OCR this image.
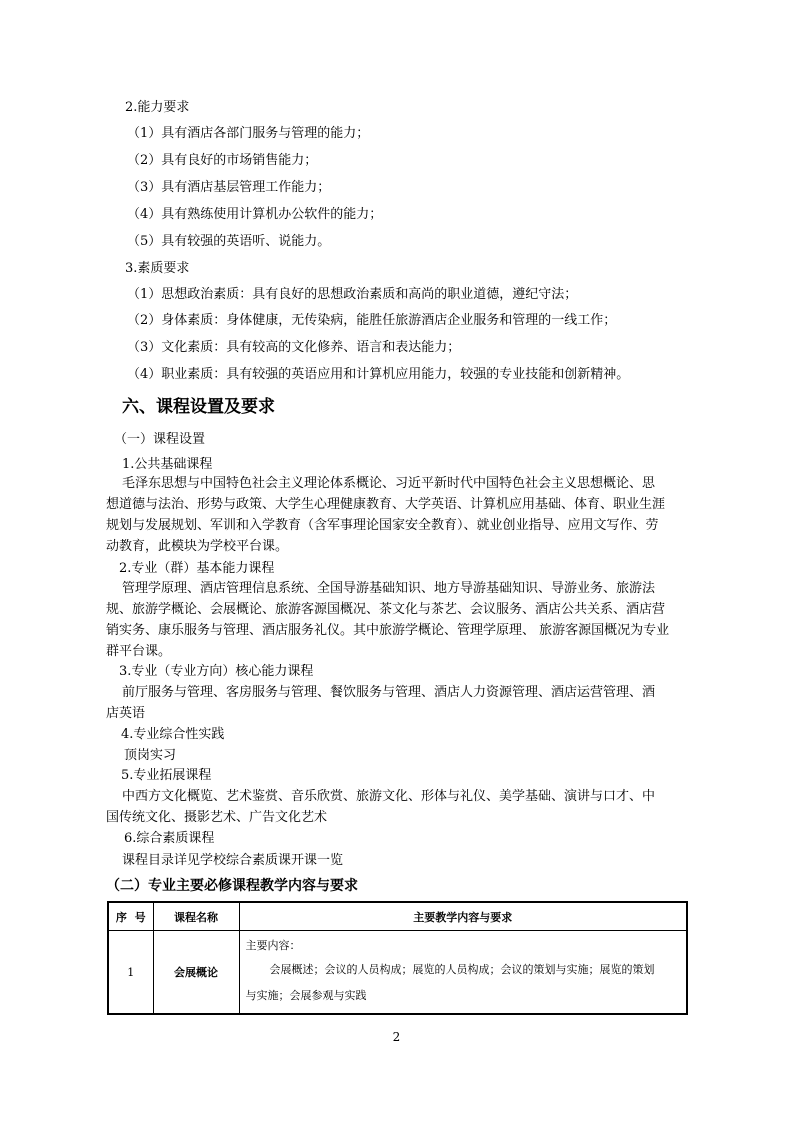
2.能力要求
（1）具有酒店各部门服务与管理的能力；
（2）具有良好的市场销售能力；
（3）具有酒店基层管理工作能力；
（4）具有熟练使用计算机办公软件的能力；
（5）具有较强的英语听、说能力。
3.素质要求
（1）思想政治素质：具有良好的思想政治素质和高尚的职业道德，遵纪守法；
（2）身体素质：身体健康，无传染病，能胜任旅游酒店企业服务和管理的一线工作；
（3）文化素质：具有较高的文化修养、语言和表达能力；
（4）职业素质：具有较强的英语应用和计算机应用能力，较强的专业技能和创新精神。
六、课程设置及要求
（一）课程设置
1.公共基础课程
毛泽东思想与中国特色社会主义理论体系概论、习近平新时代中国特色社会主义思想概论、思
想道德与法治、形势与政策、大学生心理健康教育、大学英语、计算机应用基础、体育、职业生涯
规划与发展规划、军训和入学教育（含军事理论国家安全教育）、就业创业指导、应用文写作、劳
动教育，此模块为学校平台课。
2.专业（群）基本能力课程
管理学原理、酒店管理信息系统、全国导游基础知识、地方导游基础知识、导游业务、旅游法
规、旅游学概论、会展概论、旅游客源国概况、茶文化与茶艺、会议服务、酒店公共关系、酒店营
销实务、康乐服务与管理、酒店服务礼仪。其中旅游学概论、管理学原理、 旅游客源国概况为专业
群平台课。
3.专业（专业方向）核心能力课程
前厅服务与管理、客房服务与管理、餐饮服务与管理、酒店人力资源管理、酒店运营管理、酒
店英语
4.专业综合性实践
顶岗实习
5.专业拓展课程
中西方文化概览、艺术鉴赏、音乐欣赏、旅游文化、形体与礼仪、美学基础、演讲与口才、中
国传统文化、摄影艺术、广告文化艺术
6.综合素质课程
课程目录详见学校综合素质课开课一览
（二）专业主要必修课程教学内容与要求
序  号	课程名称	主要教学内容与要求
1	会展概论	主要内容：
会展概述；会议的人员构成；展览的人员构成；会议的策划与实施；展览的策划
与实施；会展参观与实践
2
